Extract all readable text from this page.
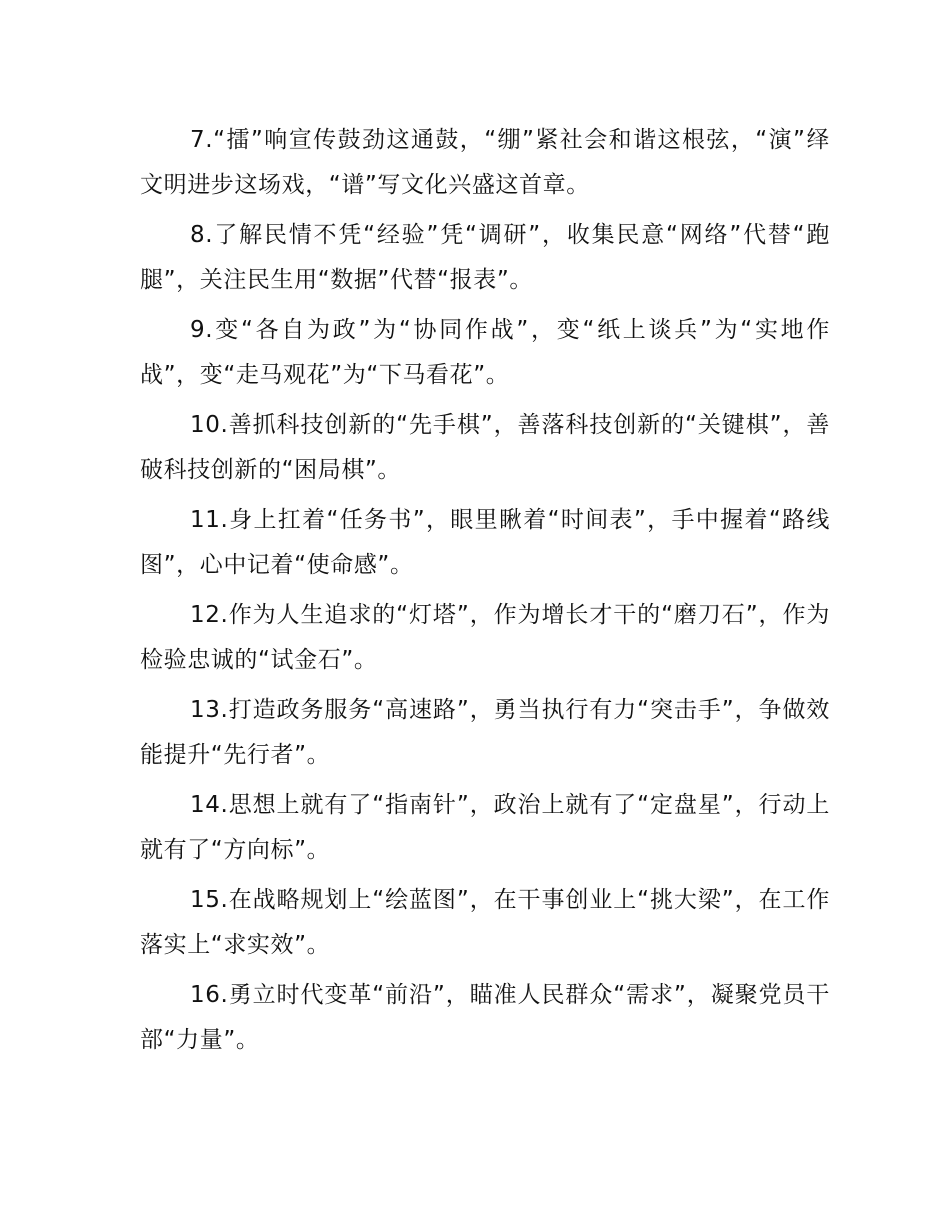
7.“擂”响宣传鼓劲这通鼓，“绷”紧社会和谐这根弦，“演”绎文明进步这场戏，“谱”写文化兴盛这首章。

8.了解民情不凭“经验”凭“调研”，收集民意“网络”代替“跑腿”，关注民生用“数据”代替“报表”。

9.变“各自为政”为“协同作战”，变“纸上谈兵”为“实地作战”，变“走马观花”为“下马看花”。

10.善抓科技创新的“先手棋”，善落科技创新的“关键棋”，善破科技创新的“困局棋”。

11.身上扛着“任务书”，眼里瞅着“时间表”，手中握着“路线图”，心中记着“使命感”。

12.作为人生追求的“灯塔”，作为增长才干的“磨刀石”，作为检验忠诚的“试金石”。

13.打造政务服务“高速路”，勇当执行有力“突击手”，争做效能提升“先行者”。

14.思想上就有了“指南针”，政治上就有了“定盘星”，行动上就有了“方向标”。

15.在战略规划上“绘蓝图”，在干事创业上“挑大梁”，在工作落实上“求实效”。

16.勇立时代变革“前沿”，瞄准人民群众“需求”，凝聚党员干部“力量”。
